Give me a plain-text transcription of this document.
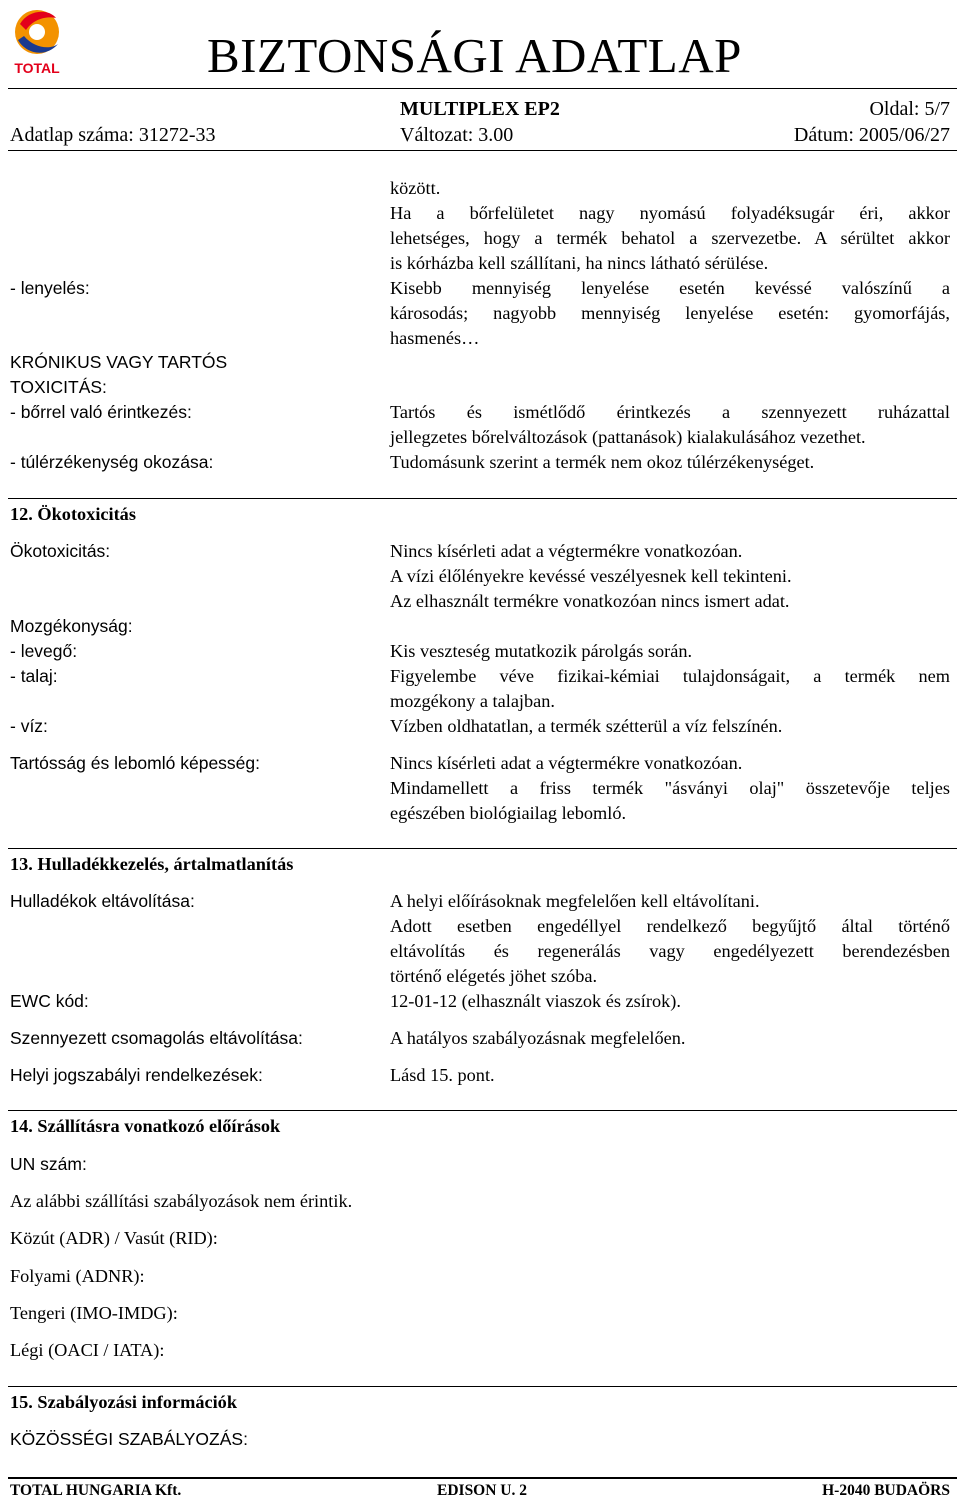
TOTAL	BIZTONSÁGI ADATLAP
MULTIPLEX EP2	Oldal: 5/7
Adatlap száma: 31272-33	Változat: 3.00	Dátum: 2005/06/27

között.

Ha a bőrfelületet nagy nyomású folyadéksugár éri, akkor

lehetséges, hogy a termék behatol a szervezetbe. A sérültet akkor

is kórházba kell szállítani, ha nincs látható sérülése.

- lenyelés:	Kisebb mennyiség lenyelése esetén kevéssé valószínű a

károsodás; nagyobb mennyiség lenyelése esetén: gyomorfájás,

hasmenés…

KRÓNIKUS VAGY TARTÓS
TOXICITÁS:
- bőrrel való érintkezés:	Tartós és ismétlődő érintkezés a szennyezett ruházattal

jellegzetes bőrelváltozások (pattanások) kialakulásához vezethet.

- túlérzékenység okozása:	Tudomásunk szerint a termék nem okoz túlérzékenységet.

12. Ökotoxicitás
Ökotoxicitás:	Nincs kísérleti adat a végtermékre vonatkozóan.

A vízi élőlényekre kevéssé veszélyesnek kell tekinteni.

Az elhasznált termékre vonatkozóan nincs ismert adat.

Mozgékonyság:
- levegő:	Kis veszteség mutatkozik párolgás során.

- talaj:	Figyelembe véve fizikai-kémiai tulajdonságait, a termék nem

mozgékony a talajban.

- víz:	Vízben oldhatatlan, a termék szétterül a víz felszínén.

Tartósság és lebomló képesség:	Nincs kísérleti adat a végtermékre vonatkozóan.

Mindamellett a friss termék "ásványi olaj" összetevője teljes

egészében biológiailag lebomló.

13. Hulladékkezelés, ártalmatlanítás
Hulladékok eltávolítása:	A helyi előírásoknak megfelelően kell eltávolítani.

Adott esetben engedéllyel rendelkező begyűjtő által történő

eltávolítás és regenerálás vagy engedélyezett berendezésben

történő elégetés jöhet szóba.

EWC kód:	12-01-12 (elhasznált viaszok és zsírok).

Szennyezett csomagolás eltávolítása:	A hatályos szabályozásnak megfelelően.

Helyi jogszabályi rendelkezések:	Lásd 15. pont.

14. Szállításra vonatkozó előírások
UN szám:
Az alábbi szállítási szabályozások nem érintik.
Közút (ADR) / Vasút (RID):
Folyami (ADNR):
Tengeri (IMO-IMDG):
Légi (OACI / IATA):
15. Szabályozási információk
KÖZÖSSÉGI SZABÁLYOZÁS:
TOTAL HUNGARIA Kft.	EDISON U. 2	H-2040 BUDAÖRS
